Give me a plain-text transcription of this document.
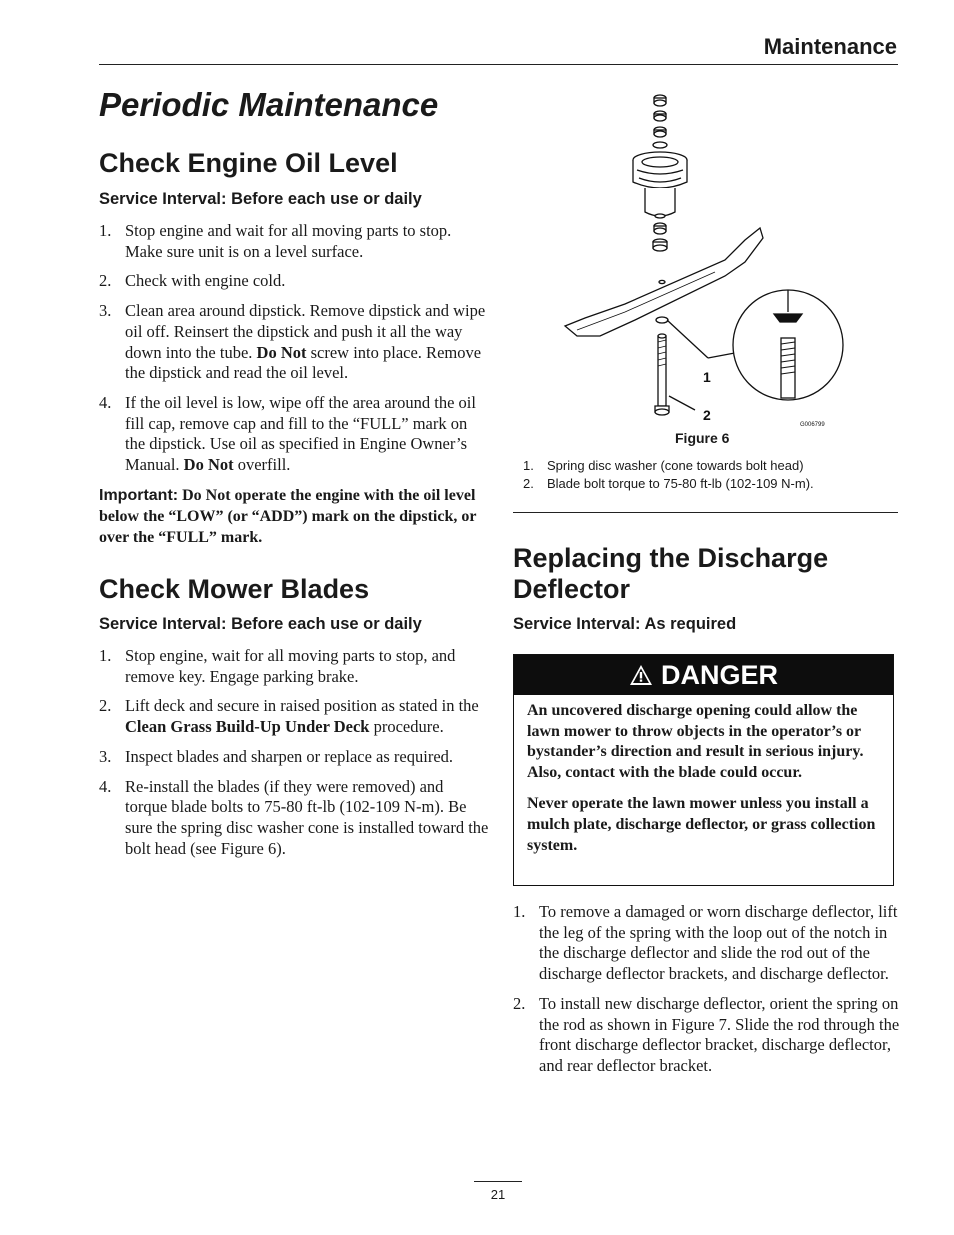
Maintenance
Periodic Maintenance
Check Engine Oil Level

Service Interval: Before each use or daily

1. Stop engine and wait for all moving parts to stop. Make sure unit is on a level surface.
2. Check with engine cold.
3. Clean area around dipstick. Remove dipstick and wipe oil off. Reinsert the dipstick and push it all the way down into the tube. Do Not screw into place. Remove the dipstick and read the oil level.
4. If the oil level is low, wipe off the area around the oil fill cap, remove cap and fill to the “FULL” mark on the dipstick. Use oil as specified in Engine Owner’s Manual. Do Not overfill.

Important: Do Not operate the engine with the oil level below the “LOW” (or “ADD”) mark on the dipstick, or over the “FULL” mark.

Check Mower Blades

Service Interval: Before each use or daily

1. Stop engine, wait for all moving parts to stop, and remove key. Engage parking brake.
2. Lift deck and secure in raised position as stated in the Clean Grass Build-Up Under Deck procedure.
3. Inspect blades and sharpen or replace as required.
4. Re-install the blades (if they were removed) and torque blade bolts to 75-80 ft-lb (102-109 N-m). Be sure the spring disc washer cone is installed toward the bolt head (see Figure 6).
1
2
G006799
Figure 6
1. Spring disc washer (cone towards bolt head)
2. Blade bolt torque to 75-80 ft-lb (102-109 N-m).
Replacing the Discharge Deflector

Service Interval: As required

DANGER

An uncovered discharge opening could allow the lawn mower to throw objects in the operator’s or bystander’s direction and result in serious injury. Also, contact with the blade could occur.

Never operate the lawn mower unless you install a mulch plate, discharge deflector, or grass collection system.

1. To remove a damaged or worn discharge deflector, lift the leg of the spring with the loop out of the notch in the discharge deflector and slide the rod out of the discharge deflector brackets, and discharge deflector.
2. To install new discharge deflector, orient the spring on the rod as shown in Figure 7. Slide the rod through the front discharge deflector bracket, discharge deflector, and rear deflector bracket.
21
